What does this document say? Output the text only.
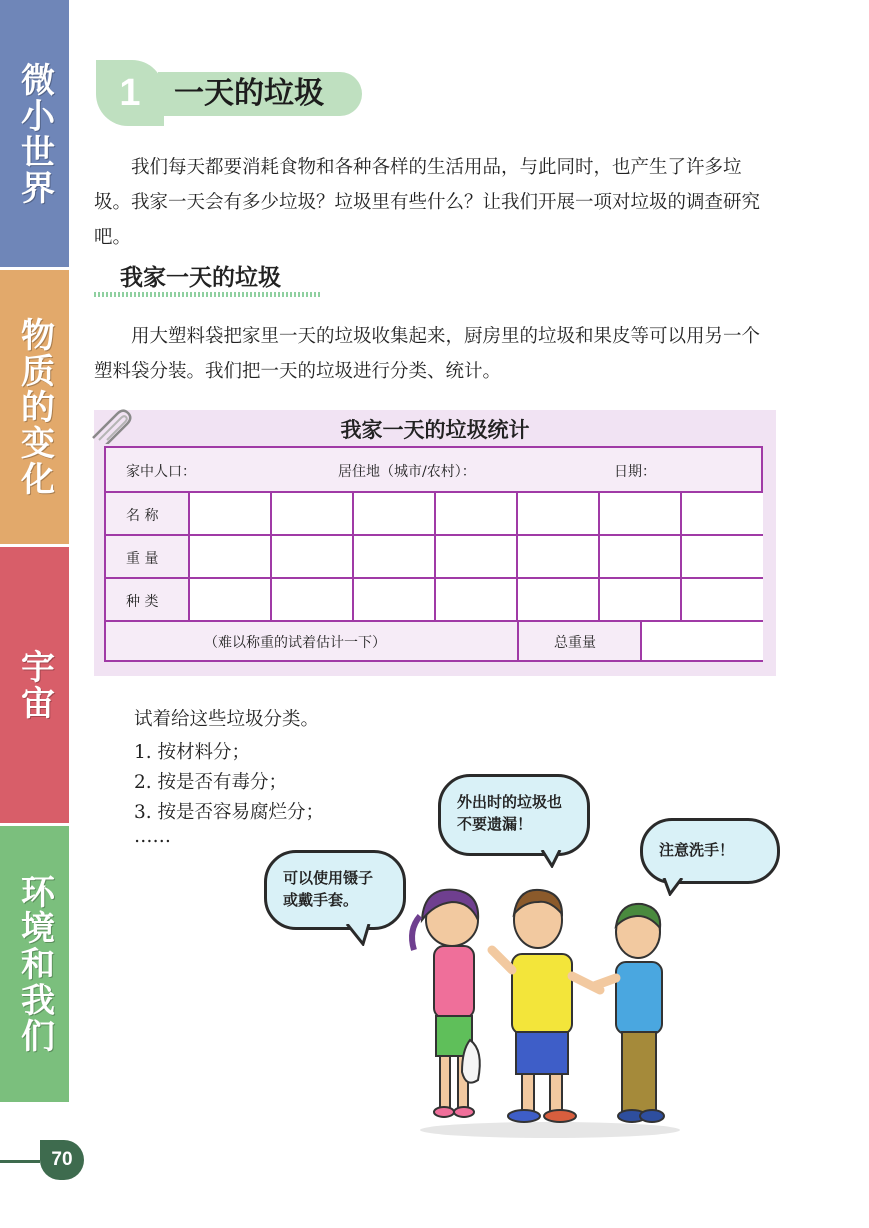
微小世界
物质的变化
宇宙
环境和我们
70
1	一天的垃圾

我们每天都要消耗食物和各种各样的生活用品，与此同时，也产生了许多垃圾。我家一天会有多少垃圾？垃圾里有些什么？让我们开展一项对垃圾的调查研究吧。

我家一天的垃圾

用大塑料袋把家里一天的垃圾收集起来，厨房里的垃圾和果皮等可以用另一个塑料袋分装。我们把一天的垃圾进行分类、统计。

我家一天的垃圾统计
家中人口：	居住地（城市/农村）：	日期：
名 称
重 量
种 类
（难以称重的试着估计一下）	总重量
试着给这些垃圾分类。
1. 按材料分；
2. 按是否有毒分；
3. 按是否容易腐烂分；
……
可以使用镊子或戴手套。
外出时的垃圾也不要遗漏！
注意洗手！
